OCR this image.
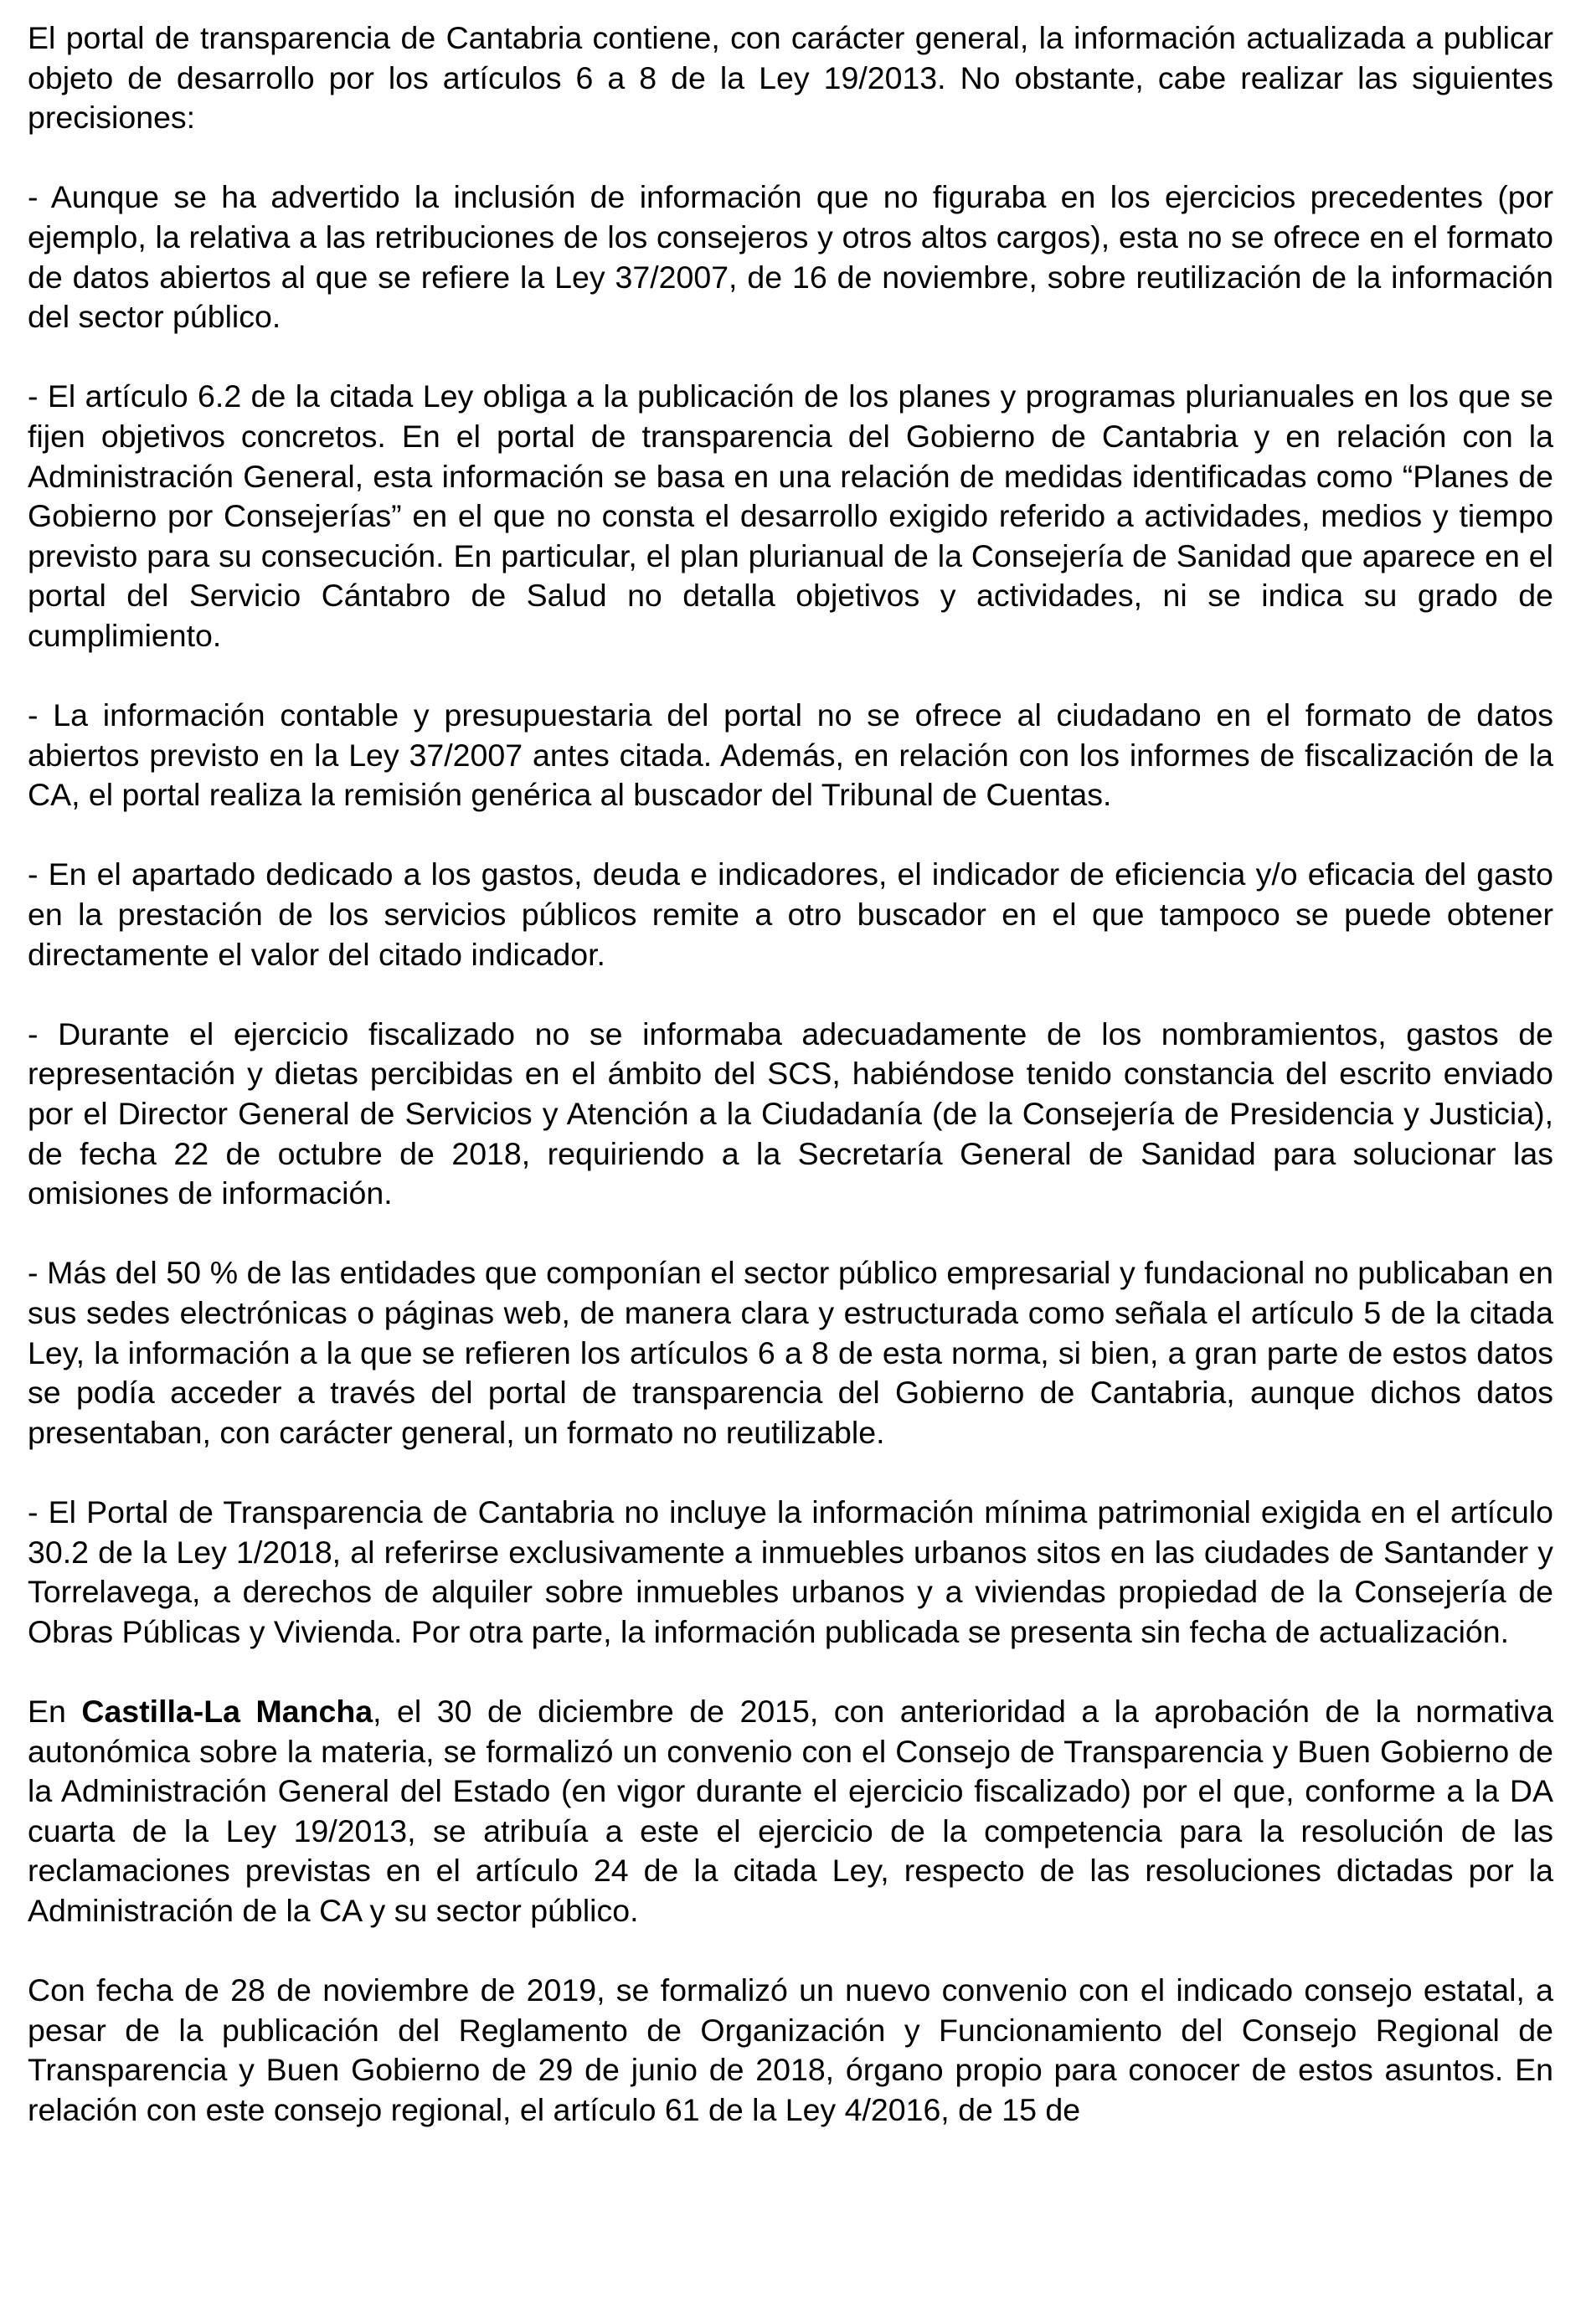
El portal de transparencia de Cantabria contiene, con carácter general, la información actualizada a publicar objeto de desarrollo por los artículos 6 a 8 de la Ley 19/2013. No obstante, cabe realizar las siguientes precisiones:

- Aunque se ha advertido la inclusión de información que no figuraba en los ejercicios precedentes (por ejemplo, la relativa a las retribuciones de los consejeros y otros altos cargos), esta no se ofrece en el formato de datos abiertos al que se refiere la Ley 37/2007, de 16 de noviembre, sobre reutilización de la información del sector público.

- El artículo 6.2 de la citada Ley obliga a la publicación de los planes y programas plurianuales en los que se fijen objetivos concretos. En el portal de transparencia del Gobierno de Cantabria y en relación con la Administración General, esta información se basa en una relación de medidas identificadas como “Planes de Gobierno por Consejerías” en el que no consta el desarrollo exigido referido a actividades, medios y tiempo previsto para su consecución. En particular, el plan plurianual de la Consejería de Sanidad que aparece en el portal del Servicio Cántabro de Salud no detalla objetivos y actividades, ni se indica su grado de cumplimiento.

- La información contable y presupuestaria del portal no se ofrece al ciudadano en el formato de datos abiertos previsto en la Ley 37/2007 antes citada. Además, en relación con los informes de fiscalización de la CA, el portal realiza la remisión genérica al buscador del Tribunal de Cuentas.

- En el apartado dedicado a los gastos, deuda e indicadores, el indicador de eficiencia y/o eficacia del gasto en la prestación de los servicios públicos remite a otro buscador en el que tampoco se puede obtener directamente el valor del citado indicador.

- Durante el ejercicio fiscalizado no se informaba adecuadamente de los nombramientos, gastos de representación y dietas percibidas en el ámbito del SCS, habiéndose tenido constancia del escrito enviado por el Director General de Servicios y Atención a la Ciudadanía (de la Consejería de Presidencia y Justicia), de fecha 22 de octubre de 2018, requiriendo a la Secretaría General de Sanidad para solucionar las omisiones de información.

- Más del 50 % de las entidades que componían el sector público empresarial y fundacional no publicaban en sus sedes electrónicas o páginas web, de manera clara y estructurada como señala el artículo 5 de la citada Ley, la información a la que se refieren los artículos 6 a 8 de esta norma, si bien, a gran parte de estos datos se podía acceder a través del portal de transparencia del Gobierno de Cantabria, aunque dichos datos presentaban, con carácter general, un formato no reutilizable.

- El Portal de Transparencia de Cantabria no incluye la información mínima patrimonial exigida en el artículo 30.2 de la Ley 1/2018, al referirse exclusivamente a inmuebles urbanos sitos en las ciudades de Santander y Torrelavega, a derechos de alquiler sobre inmuebles urbanos y a viviendas propiedad de la Consejería de Obras Públicas y Vivienda. Por otra parte, la información publicada se presenta sin fecha de actualización.

En Castilla-La Mancha, el 30 de diciembre de 2015, con anterioridad a la aprobación de la normativa autonómica sobre la materia, se formalizó un convenio con el Consejo de Transparencia y Buen Gobierno de la Administración General del Estado (en vigor durante el ejercicio fiscalizado) por el que, conforme a la DA cuarta de la Ley 19/2013, se atribuía a este el ejercicio de la competencia para la resolución de las reclamaciones previstas en el artículo 24 de la citada Ley, respecto de las resoluciones dictadas por la Administración de la CA y su sector público.

Con fecha de 28 de noviembre de 2019, se formalizó un nuevo convenio con el indicado consejo estatal, a pesar de la publicación del Reglamento de Organización y Funcionamiento del Consejo Regional de Transparencia y Buen Gobierno de 29 de junio de 2018, órgano propio para conocer de estos asuntos. En relación con este consejo regional, el artículo 61 de la Ley 4/2016, de 15 de
